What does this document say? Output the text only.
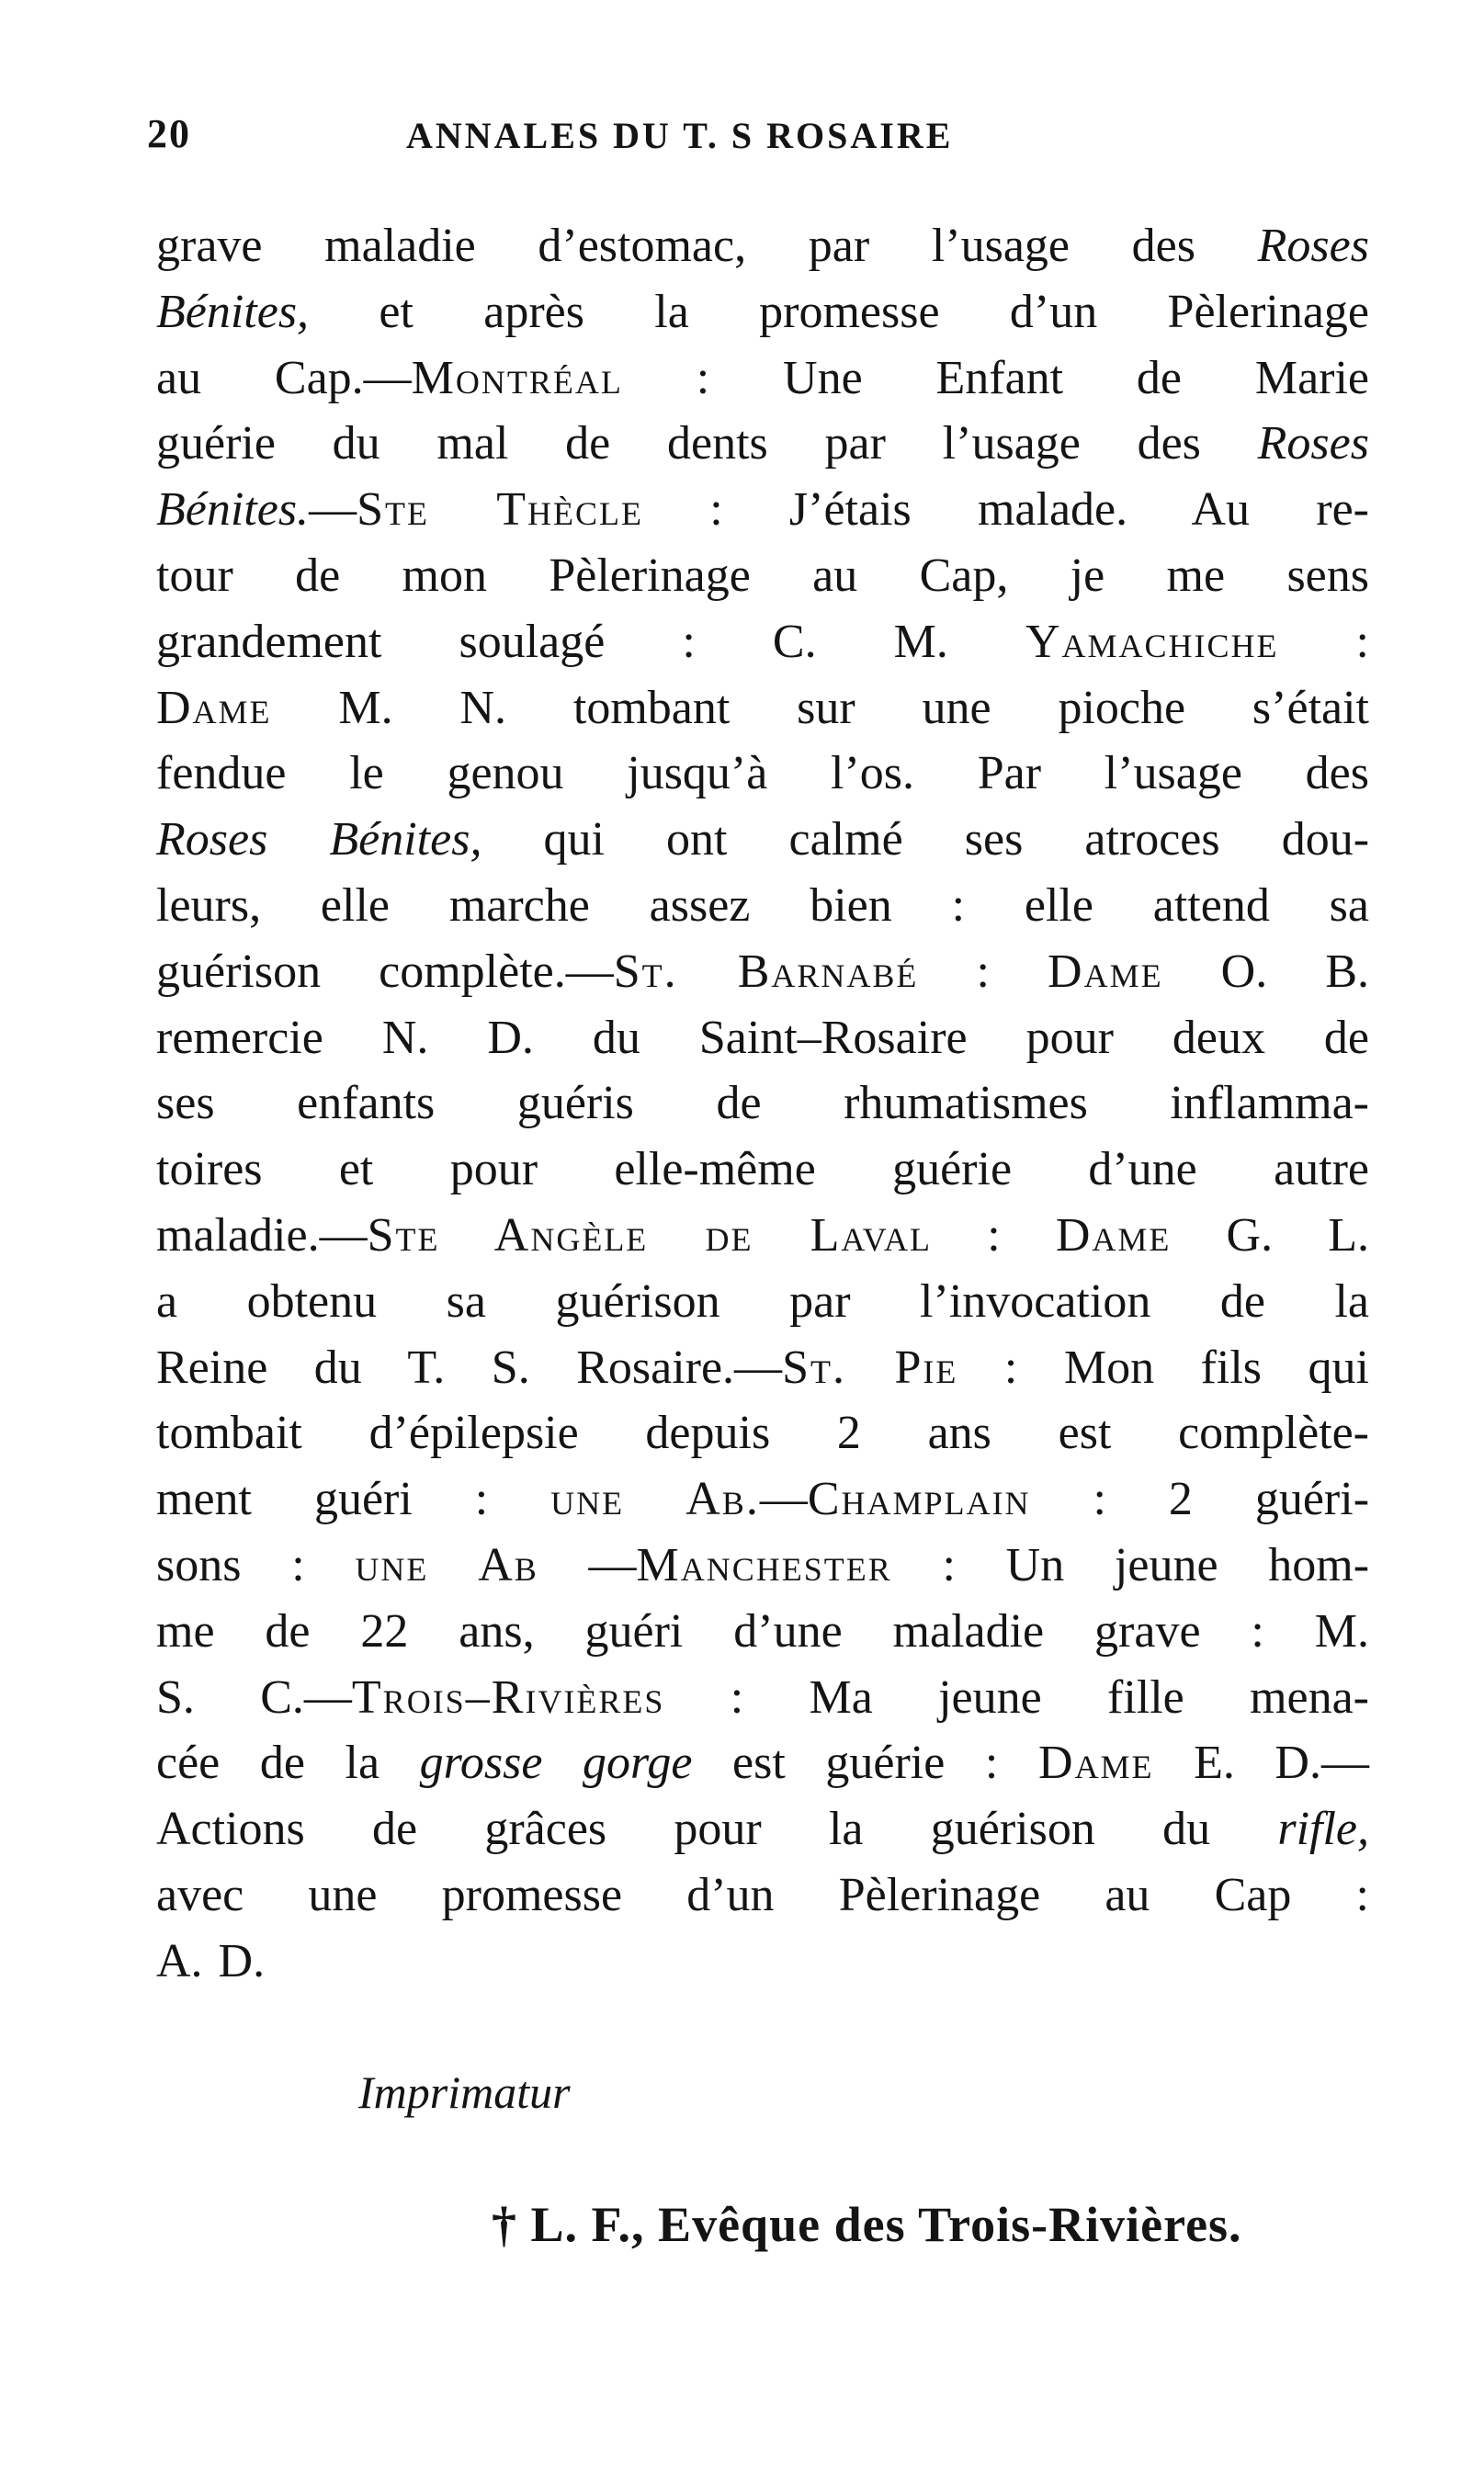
20	ANNALES DU T. S ROSAIRE
grave maladie d’estomac, par l’usage des Roses
Bénites, et après la promesse d’un Pèlerinage
au Cap.—Montréal : Une Enfant de Marie
guérie du mal de dents par l’usage des Roses
Bénites.—Ste Thècle : J’étais malade. Au re-
tour de mon Pèlerinage au Cap, je me sens
grandement soulagé : C. M. Yamachiche :
Dame M. N. tombant sur une pioche s’était
fendue le genou jusqu’à l’os. Par l’usage des
Roses Bénites, qui ont calmé ses atroces dou-
leurs, elle marche assez bien : elle attend sa
guérison complète.—St. Barnabé : Dame O. B.
remercie N. D. du Saint–Rosaire pour deux de
ses enfants guéris de rhumatismes inflamma-
toires et pour elle-même guérie d’une autre
maladie.—Ste Angèle de Laval : Dame G. L.
a obtenu sa guérison par l’invocation de la
Reine du T. S. Rosaire.—St. Pie : Mon fils qui
tombait d’épilepsie depuis 2 ans est complète-
ment guéri : une Ab.—Champlain : 2 guéri-
sons : une Ab —Manchester : Un jeune hom-
me de 22 ans, guéri d’une maladie grave : M.
S. C.—Trois–Rivières : Ma jeune fille mena-
cée de la grosse gorge est guérie : Dame E. D.—
Actions de grâces pour la guérison du rifle,
avec une promesse d’un Pèlerinage au Cap :
A. D.
Imprimatur
† L. F., Evêque des Trois-Rivières.
